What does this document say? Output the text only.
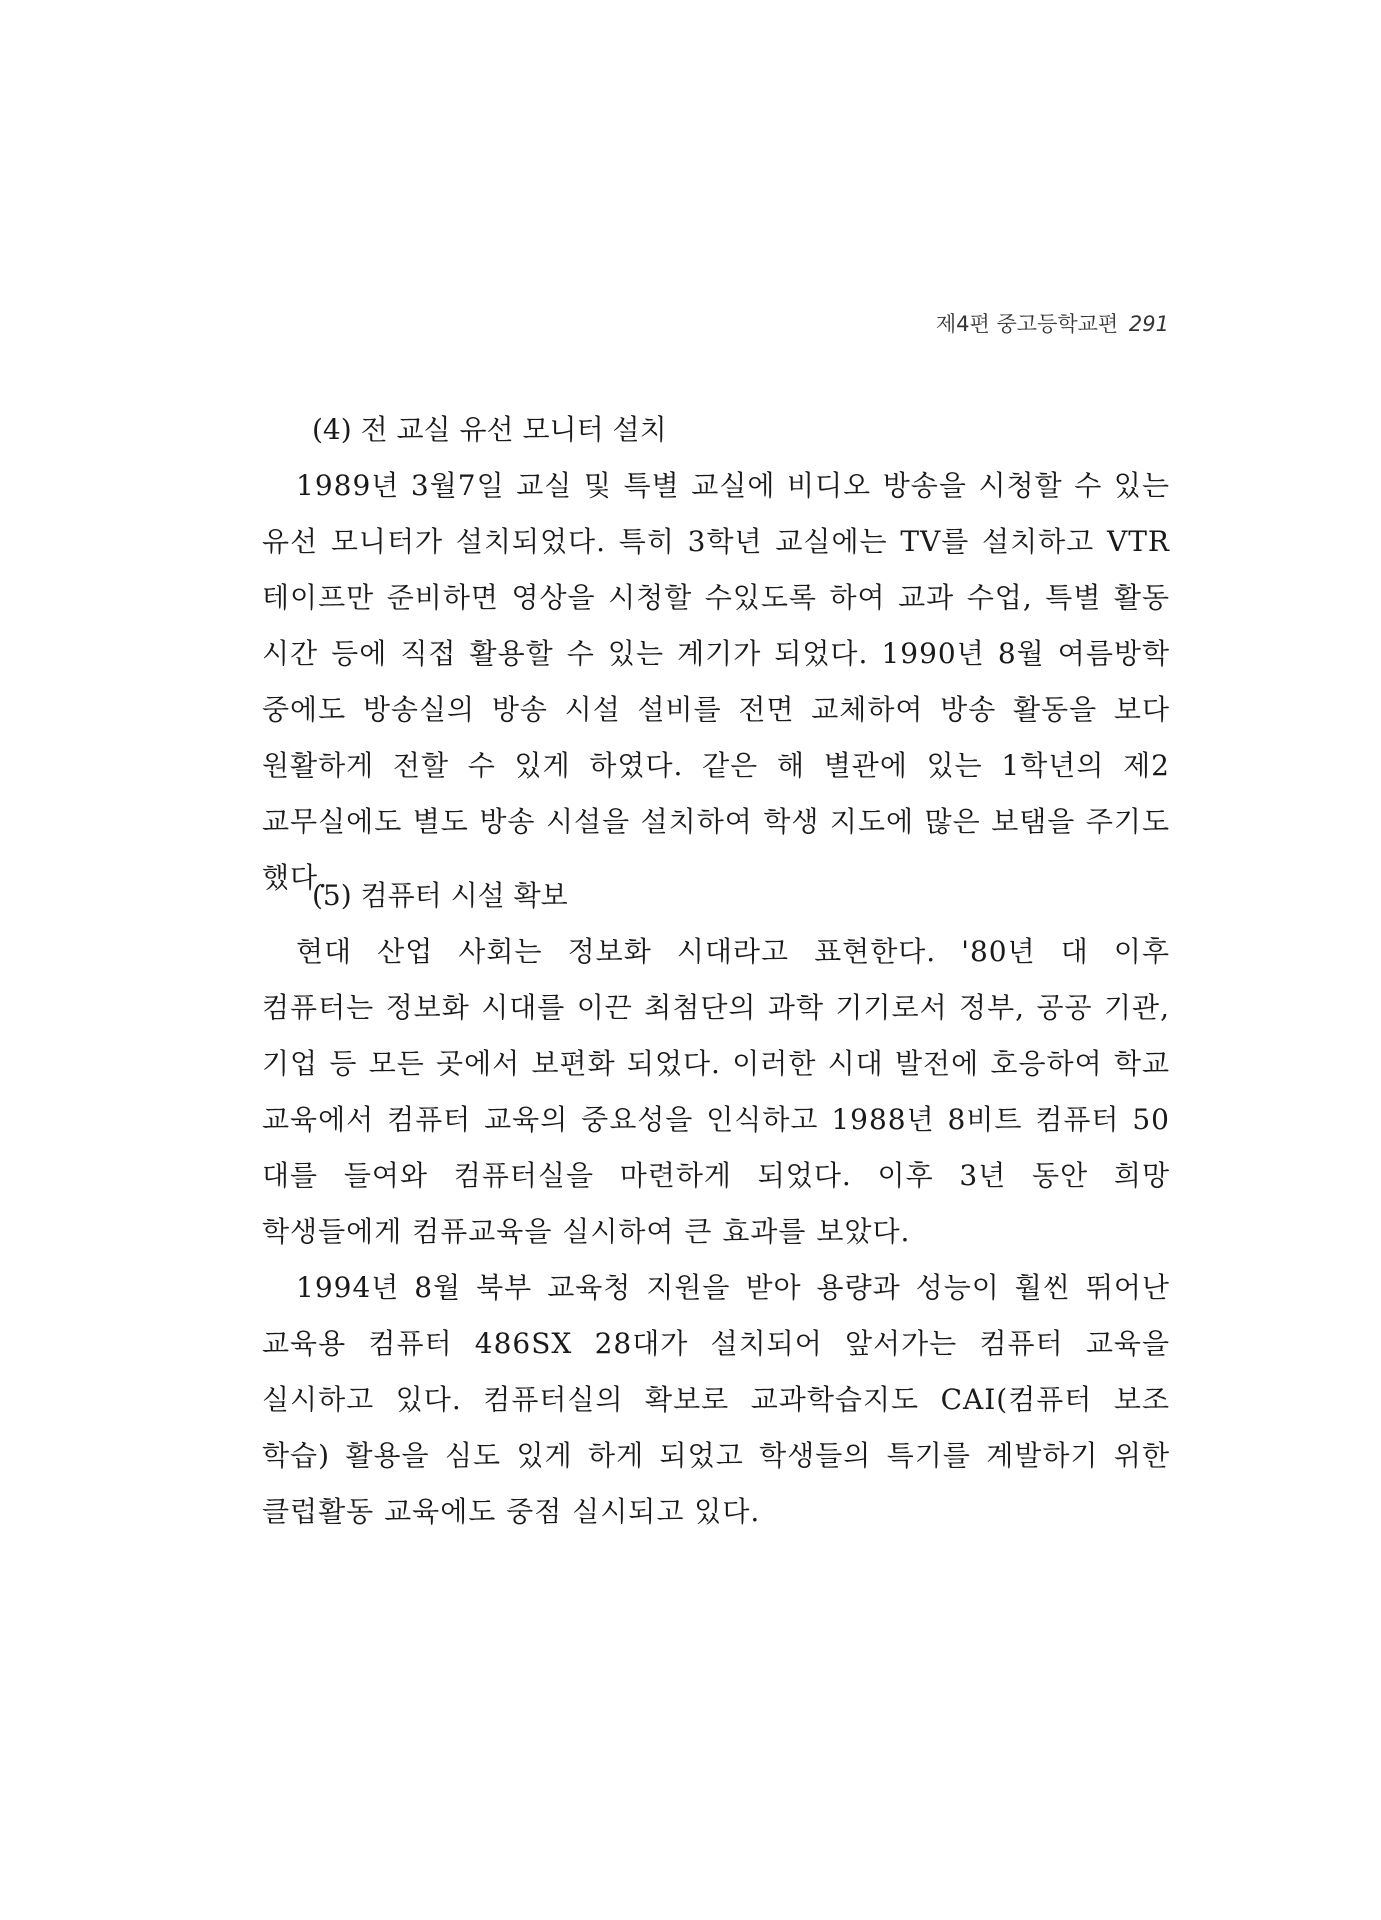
제4편 중고등학교편 291
(4) 전 교실 유선 모니터 설치

1989년 3월7일 교실 및 특별 교실에 비디오 방송을 시청할 수 있는 유선 모니터가 설치되었다. 특히 3학년 교실에는 TV를 설치하고 VTR 테이프만 준비하면 영상을 시청할 수있도록 하여 교과 수업, 특별 활동 시간 등에 직접 활용할 수 있는 계기가 되었다. 1990년 8월 여름방학 중에도 방송실의 방송 시설 설비를 전면 교체하여 방송 활동을 보다 원활하게 전할 수 있게 하였다. 같은 해 별관에 있는 1학년의 제2 교무실에도 별도 방송 시설을 설치하여 학생 지도에 많은 보탬을 주기도 했다.

(5) 컴퓨터 시설 확보

현대 산업 사회는 정보화 시대라고 표현한다. '80년 대 이후 컴퓨터는 정보화 시대를 이끈 최첨단의 과학 기기로서 정부, 공공 기관,기업 등 모든 곳에서 보편화 되었다. 이러한 시대 발전에 호응하여 학교 교육에서 컴퓨터 교육의 중요성을 인식하고 1988년 8비트 컴퓨터 50 대를 들여와 컴퓨터실을 마련하게 되었다. 이후 3년 동안 희망 학생들에게 컴퓨교육을 실시하여 큰 효과를 보았다.

1994년 8월 북부 교육청 지원을 받아 용량과 성능이 훨씬 뛰어난 교육용 컴퓨터 486SX 28대가 설치되어 앞서가는 컴퓨터 교육을 실시하고 있다. 컴퓨터실의 확보로 교과학습지도 CAI(컴퓨터 보조 학습) 활용을 심도 있게 하게 되었고 학생들의 특기를 계발하기 위한 클럽활동 교육에도 중점 실시되고 있다.
